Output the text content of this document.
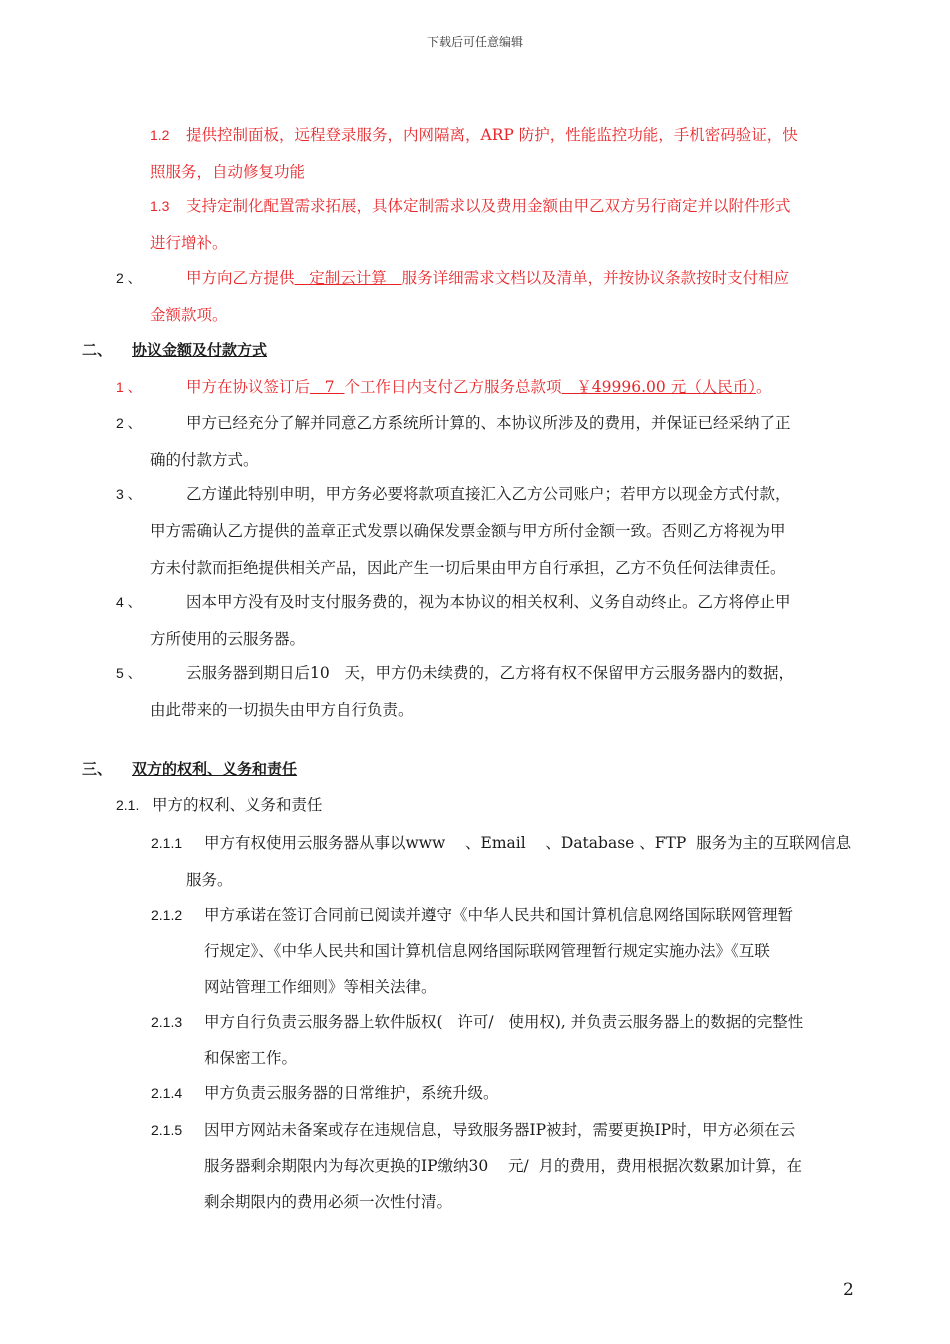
下载后可任意编辑
1.2 提供控制面板，远程登录服务，内网隔离，ARP 防护，性能监控功能，手机密码验证，快
照服务，自动修复功能
1.3 支持定制化配置需求拓展，具体定制需求以及费用金额由甲乙双方另行商定并以附件形式
进行增补。
2 、	甲方向乙方提供   定制云计算   服务详细需求文档以及清单，并按协议条款按时支付相应
金额款项。
二、 协议金额及付款方式
1 、	甲方在协议签订后   7  个工作日内支付乙方服务总款项   ￥49996.00 元（人民币）。
2 、	甲方已经充分了解并同意乙方系统所计算的、本协议所涉及的费用，并保证已经采纳了正
确的付款方式。
3 、	乙方谨此特别申明，甲方务必要将款项直接汇入乙方公司账户；若甲方以现金方式付款，
甲方需确认乙方提供的盖章正式发票以确保发票金额与甲方所付金额一致。否则乙方将视为甲
方未付款而拒绝提供相关产品，因此产生一切后果由甲方自行承担，乙方不负任何法律责任。
4 、	因本甲方没有及时支付服务费的，视为本协议的相关权利、义务自动终止。乙方将停止甲
方所使用的云服务器。
5 、	云服务器到期日后10   天，甲方仍未续费的，乙方将有权不保留甲方云服务器内的数据，
由此带来的一切损失由甲方自行负责。
三、 双方的权利、义务和责任
2.1. 甲方的权利、义务和责任
2.1.1 甲方有权使用云服务器从事以www    、Email    、Database 、FTP  服务为主的互联网信息
服务。
2.1.2 甲方承诺在签订合同前已阅读并遵守《中华人民共和国计算机信息网络国际联网管理暂
行规定》、《中华人民共和国计算机信息网络国际联网管理暂行规定实施办法》《互联
网站管理工作细则》等相关法律。
2.1.3 甲方自行负责云服务器上软件版权(   许可/   使用权), 并负责云服务器上的数据的完整性
和保密工作。
2.1.4 甲方负责云服务器的日常维护，系统升级。
2.1.5 因甲方网站未备案或存在违规信息，导致服务器IP被封，需要更换IP时，甲方必须在云
服务器剩余期限内为每次更换的IP缴纳30    元/  月的费用，费用根据次数累加计算，在
剩余期限内的费用必须一次性付清。
2
